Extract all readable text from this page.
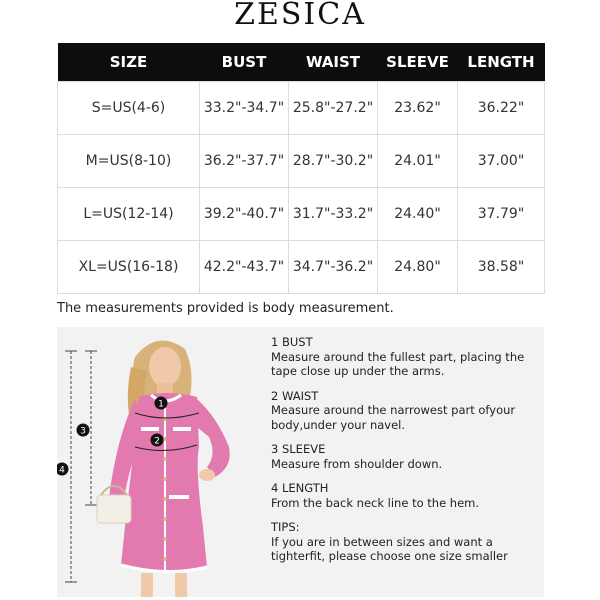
ZESICA
SIZE	BUST	WAIST	SLEEVE	LENGTH
S=US(4-6)	33.2"-34.7"	25.8"-27.2"	23.62"	36.22"
M=US(8-10)	36.2"-37.7"	28.7"-30.2"	24.01"	37.00"
L=US(12-14)	39.2"-40.7"	31.7"-33.2"	24.40"	37.79"
XL=US(16-18)	42.2"-43.7"	34.7"-36.2"	24.80"	38.58"
The measurements provided is body measurement.
1
2
3
4
1 BUST
Measure around the fullest part, placing the tape close up under the arms.
2 WAIST
Measure around the narrowest part ofyour body,under your navel.
3 SLEEVE
Measure from shoulder down.
4 LENGTH
From the back neck line to the hem.
TIPS:
If you are in between sizes and want a tighterfit, please choose one size smaller
